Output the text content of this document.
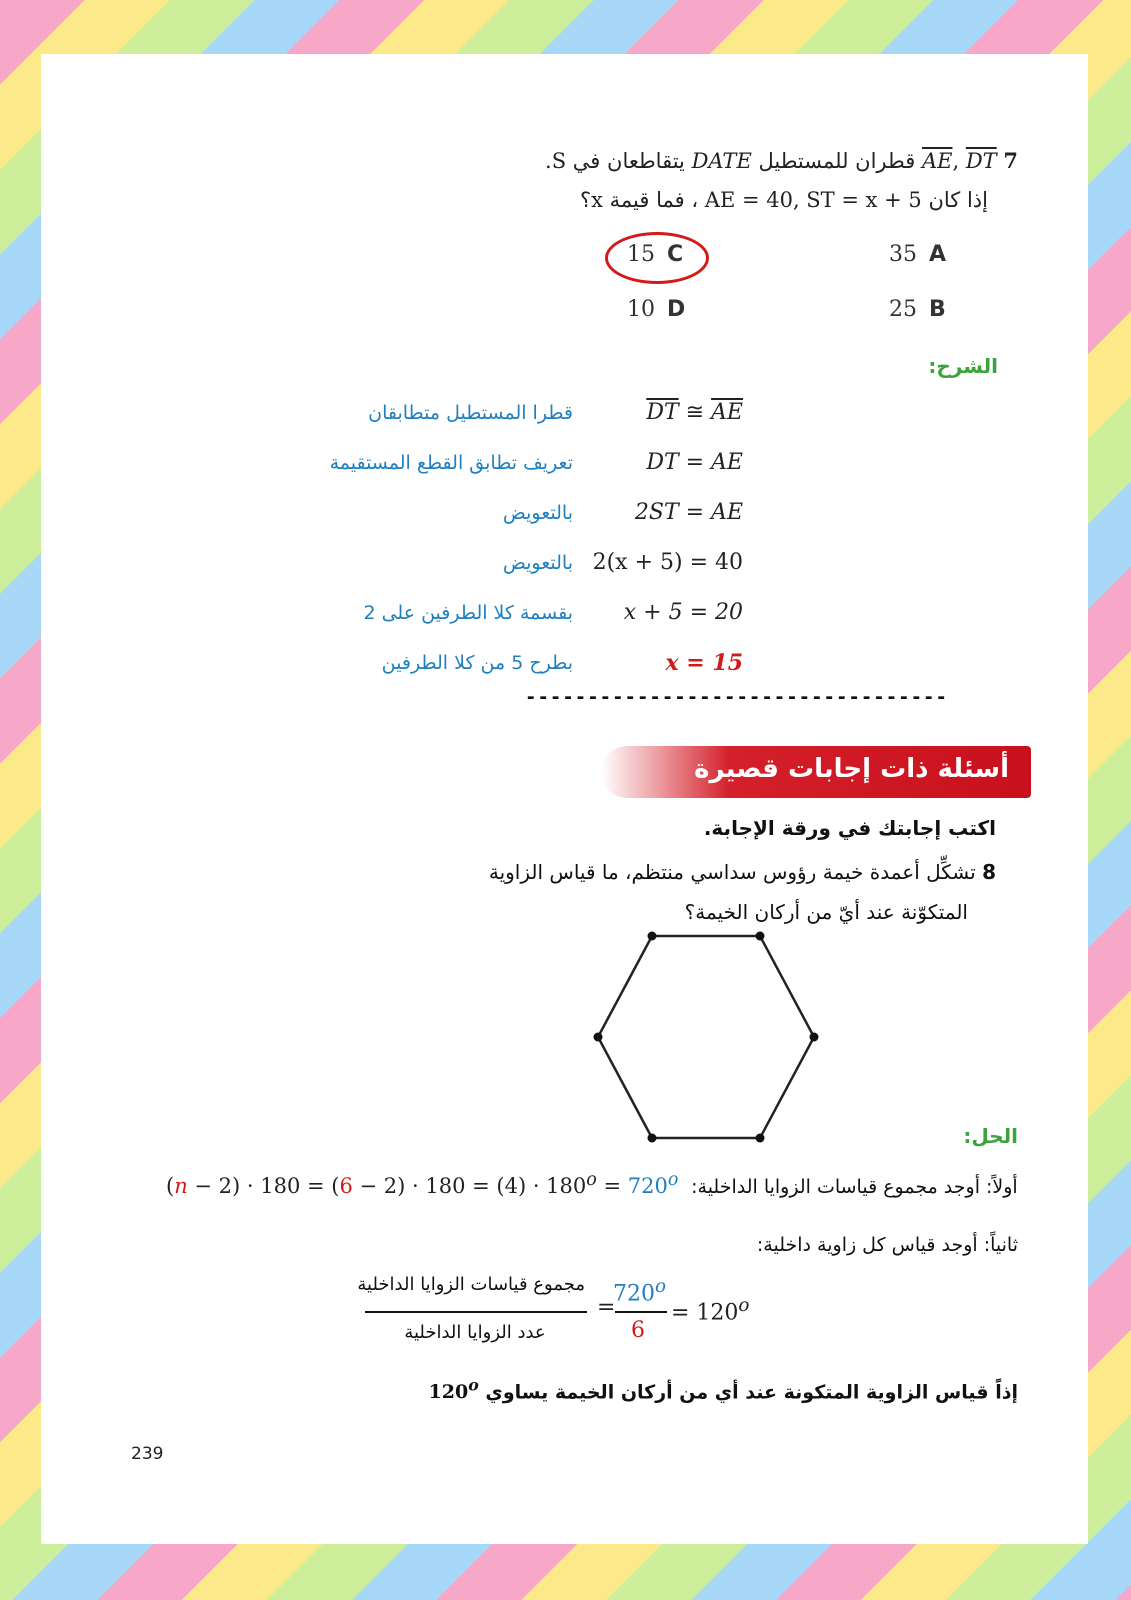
7 AE, DT قطران للمستطيل DATE يتقاطعان في S.
إذا كان AE = 40, ST = x + 5 ، فما قيمة x؟
35 A
25 B
15 C
10 D
الشرح:
$\overline{DT}$ ≅ $\overline{AE}$
قطرا المستطيل متطابقان
DT = AE
تعريف تطابق القطع المستقيمة
2ST = AE
بالتعويض
2(x + 5) = 40
بالتعويض
x + 5 = 20
بقسمة كلا الطرفين على 2
x = 15
بطرح 5 من كلا الطرفين
----------------------------------
أسئلة ذات إجابات قصيرة
اكتب إجابتك في ورقة الإجابة.
8 تشكِّل أعمدة خيمة رؤوس سداسي منتظم، ما قياس الزاوية
المتكوّنة عند أيّ من أركان الخيمة؟
الحل:
$(n - 2) \cdot 180 = (6 - 2) \cdot 180 = (4) \cdot 180^o = 720^o$ أولاً: أوجد مجموع قياسات الزوايا الداخلية:
ثانياً: أوجد قياس كل زاوية داخلية:
مجموع قياسات الزوايا الداخلية
عدد الزوايا الداخلية
=
$720^o$
6
= $120^o$
إذاً قياس الزاوية المتكونة عند أي من أركان الخيمة يساوي 120$^o$
239
